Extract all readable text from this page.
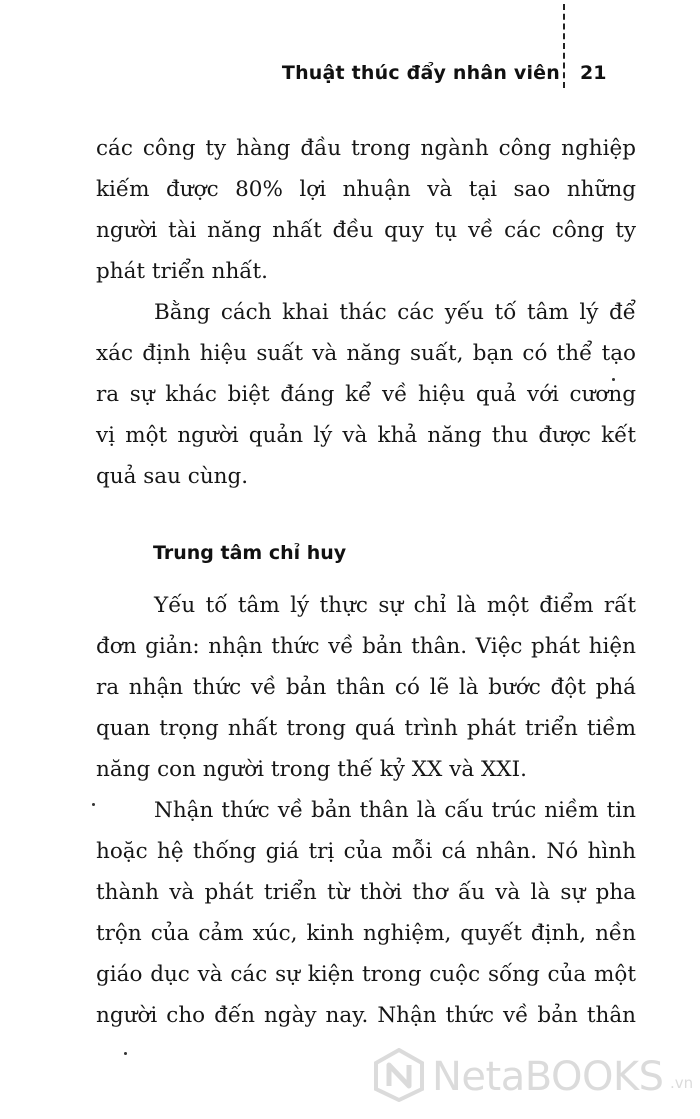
Thuật thúc đẩy nhân viên 21
các công ty hàng đầu trong ngành công nghiệp
kiếm được 80% lợi nhuận và tại sao những
người tài năng nhất đều quy tụ về các công ty
phát triển nhất.
Bằng cách khai thác các yếu tố tâm lý để
xác định hiệu suất và năng suất, bạn có thể tạo
ra sự khác biệt đáng kể về hiệu quả với cương
vị một người quản lý và khả năng thu được kết
quả sau cùng.
Trung tâm chỉ huy
Yếu tố tâm lý thực sự chỉ là một điểm rất
đơn giản: nhận thức về bản thân. Việc phát hiện
ra nhận thức về bản thân có lẽ là bước đột phá
quan trọng nhất trong quá trình phát triển tiềm
năng con người trong thế kỷ XX và XXI.
Nhận thức về bản thân là cấu trúc niềm tin
hoặc hệ thống giá trị của mỗi cá nhân. Nó hình
thành và phát triển từ thời thơ ấu và là sự pha
trộn của cảm xúc, kinh nghiệm, quyết định, nền
giáo dục và các sự kiện trong cuộc sống của một
người cho đến ngày nay. Nhận thức về bản thân
NetaBOOKS .vn
